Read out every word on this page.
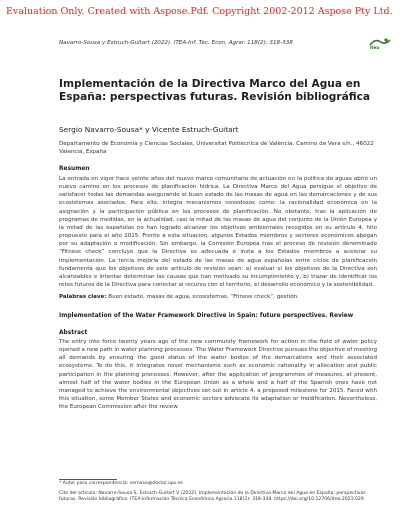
Evaluation Only. Created with Aspose.Pdf. Copyright 2002-2012 Aspose Pty Ltd.
Navarro-Sousa y Estruch-Guitart (2022). ITEA-Inf. Tec. Econ. Agrar. 118(2): 318-338
itea
Implementación de la Directiva Marco del Agua en España: perspectivas futuras. Revisión bibliográfica
Sergio Navarro-Sousa* y Vicente Estruch-Guitart
Departamento de Economía y Ciencias Sociales, Universitat Politècnica de València, Camino de Vera s/n., 46022 Valencia, España
Resumen
La entrada en vigor hace veinte años del nuevo marco comunitario de actuación en la política de aguas abrió un nuevo camino en los procesos de planificación hídrica. La Directiva Marco del Agua persigue el objetivo de satisfacer todas las demandas asegurando el buen estado de las masas de agua en las demarcaciones y de sus ecosistemas asociados. Para ello, integra mecanismos novedosos como: la racionalidad económica en la asignación y la participación pública en los procesos de planificación. No obstante, tras la aplicación de programas de medidas, en la actualidad, casi la mitad de las masas de agua del conjunto de la Unión Europea y la mitad de las españolas no han logrado alcanzar los objetivos ambientales recogidos en su artículo 4, hito propuesto para el año 2015. Frente a esta situación, algunos Estados miembros y sectores económicos abogan por su adaptación o modificación. Sin embargo, la Comisión Europea tras el proceso de revisión denominado “Fitness check” concluye que la Directiva es adecuada e insta a los Estados miembros a acelerar su implementación. La tercia mejoría del estado de las masas de agua españolas entre ciclos de planificación fundamenta que los objetivos de este artículo de revisión sean: a) evaluar si los objetivos de la Directiva son alcanzables e intentar determinar las causas que han motivado su incumplimiento y, b) trazar de identificar los retos futuros de la Directiva para conectar al recurso con el territorio, el desarrollo económico y la sostenibilidad.
Palabras clave: Buen estado, masas de agua, ecosistemas, “Fitness check”, gestión.
Implementation of the Water Framework Directive in Spain: future perspectives. Review
Abstract
The entry into force twenty years ago of the new community framework for action in the field of water policy opened a new path in water planning processes. The Water Framework Directive pursues the objective of meeting all demands by ensuring the good status of the water bodies of the demarcations and their associated ecosystems. To do this, it integrates novel mechanisms such as economic rationality in allocation and public participation in the planning processes. However, after the application of programmes of measures, at present, almost half of the water bodies in the European Union as a whole and a half of the Spanish ones have not managed to achieve the environmental objectives set out in article 4, a proposed milestone for 2015. Faced with this situation, some Member States and economic sectors advocate its adaptation or modification. Nevertheless, the European Commission after the review
* Autor para correspondencia: sernaso@doctor.upv.es
Cite del artículo: Navarro-Sousa S, Estruch-Guitart V (2022). Implementación de la Directiva Marco del Agua en España: perspectivas futuras. Revisión bibliográfica. ITEA-Información Técnica Económica Agraria 118(2): 318-338. https://doi.org/10.12706/itea.2021.029
